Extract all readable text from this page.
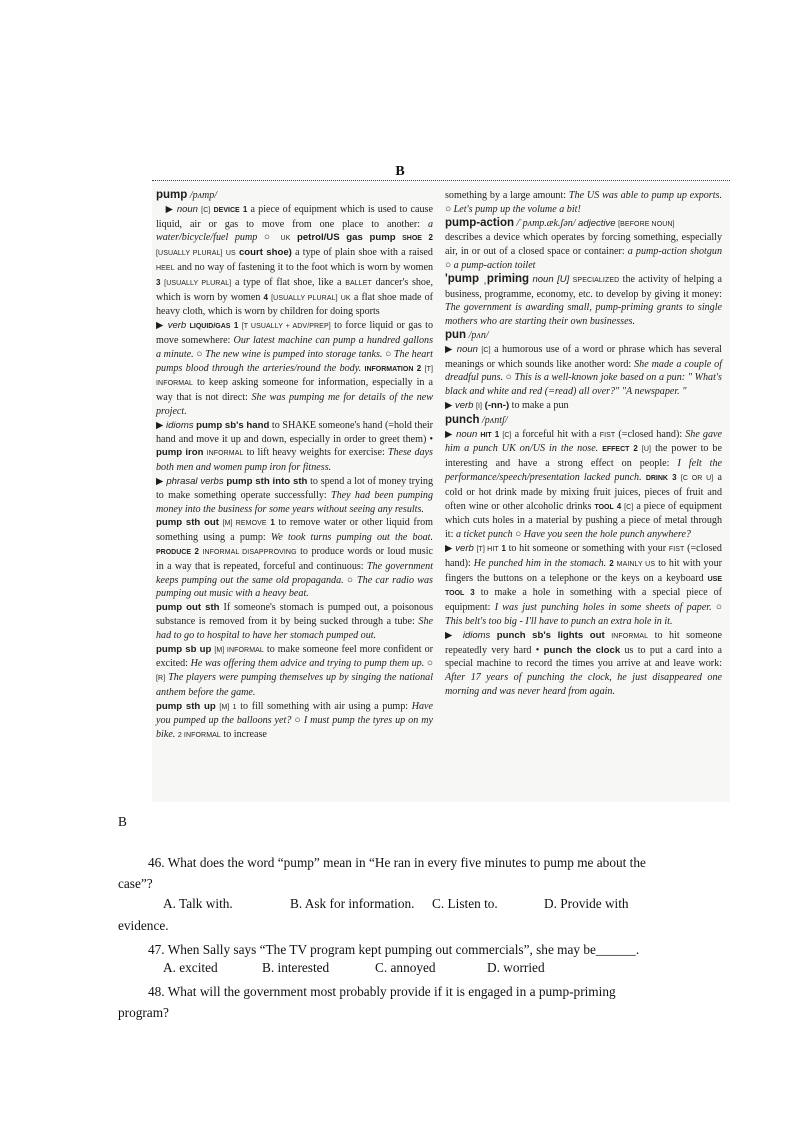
B
pump /pʌmp/
▶ noun [C] DEVICE 1 a piece of equipment which is used to cause liquid, air or gas to move from one place to another: a water/bicycle/fuel pump ○ UK petrol/US gas pump SHOE 2 [USUALLY PLURAL] US court shoe) a type of plain shoe with a raised HEEL and no way of fastening it to the foot which is worn by women 3 [USUALLY PLURAL] a type of flat shoe, like a BALLET dancer's shoe, which is worn by women 4 [USUALLY PLURAL] UK a flat shoe made of heavy cloth, which is worn by children for doing sports
▶ verb LIQUID/GAS 1 [T USUALLY + ADV/PREP] to force liquid or gas to move somewhere: Our latest machine can pump a hundred gallons a minute. ○ The new wine is pumped into storage tanks. ○ The heart pumps blood through the arteries/round the body. INFORMATION 2 [T] INFORMAL to keep asking someone for information, especially in a way that is not direct: She was pumping me for details of the new project.
▶ idioms pump sb's hand to SHAKE someone's hand (=hold their hand and move it up and down, especially in order to greet them) • pump iron INFORMAL to lift heavy weights for exercise: These days both men and women pump iron for fitness.
▶ phrasal verbs pump sth into sth to spend a lot of money trying to make something operate successfully: They had been pumping money into the business for some years without seeing any results.
pump sth out [M] REMOVE 1 to remove water or other liquid from something using a pump: We took turns pumping out the boat. PRODUCE 2 INFORMAL DISAPPROVING to produce words or loud music in a way that is repeated, forceful and continuous: The government keeps pumping out the same old propaganda. ○ The car radio was pumping out music with a heavy beat.
pump out sth If someone's stomach is pumped out, a poisonous substance is removed from it by being sucked through a tube: She had to go to hospital to have her stomach pumped out.
pump sb up [M] INFORMAL to make someone feel more confident or excited: He was offering them advice and trying to pump them up. ○ [R] The players were pumping themselves up by singing the national anthem before the game.
pump sth up [M] 1 to fill something with air using a pump: Have you pumped up the balloons yet? ○ I must pump the tyres up on my bike. 2 INFORMAL to increase
something by a large amount: The US was able to pump up exports. ○ Let's pump up the volume a bit!
pump-action /ˈpʌmp.æk.ʃən/ adjective [BEFORE NOUN]
describes a device which operates by forcing something, especially air, in or out of a closed space or container: a pump-action shotgun ○ a pump-action toilet
'pump ˌpriming noun [U] SPECIALIZED the activity of helping a business, programme, economy, etc. to develop by giving it money: The government is awarding small, pump-priming grants to single mothers who are starting their own businesses.
pun /pʌn/
▶ noun [C] a humorous use of a word or phrase which has several meanings or which sounds like another word: She made a couple of dreadful puns. ○ This is a well-known joke based on a pun: " What's black and white and red (=read) all over?" "A newspaper. "
▶ verb [I] (-nn-) to make a pun
punch /pʌntʃ/
▶ noun HIT 1 [C] a forceful hit with a FIST (=closed hand): She gave him a punch UK on/US in the nose. EFFECT 2 [U] the power to be interesting and have a strong effect on people: I felt the performance/speech/presentation lacked punch. DRINK 3 [C OR U] a cold or hot drink made by mixing fruit juices, pieces of fruit and often wine or other alcoholic drinks TOOL 4 [C] a piece of equipment which cuts holes in a material by pushing a piece of metal through it: a ticket punch ○ Have you seen the hole punch anywhere?
▶ verb [T] HIT 1 to hit someone or something with your FIST (=closed hand): He punched him in the stomach. 2 MAINLY US to hit with your fingers the buttons on a telephone or the keys on a keyboard USE TOOL 3 to make a hole in something with a special piece of equipment: I was just punching holes in some sheets of paper. ○ This belt's too big - I'll have to punch an extra hole in it.
▶ idioms punch sb's lights out INFORMAL to hit someone repeatedly very hard • punch the clock us to put a card into a special machine to record the times you arrive at and leave work: After 17 years of punching the clock, he just disappeared one morning and was never heard from again.
B
46. What does the word “pump” mean in “He ran in every five minutes to pump me about the
case”?
A. Talk with.	B. Ask for information. C. Listen to.	D. Provide with
evidence.
47. When Sally says “The TV program kept pumping out commercials”, she may be______.
A. excited	B. interested	C. annoyed	D. worried
48. What will the government most probably provide if it is engaged in a pump-priming
program?
